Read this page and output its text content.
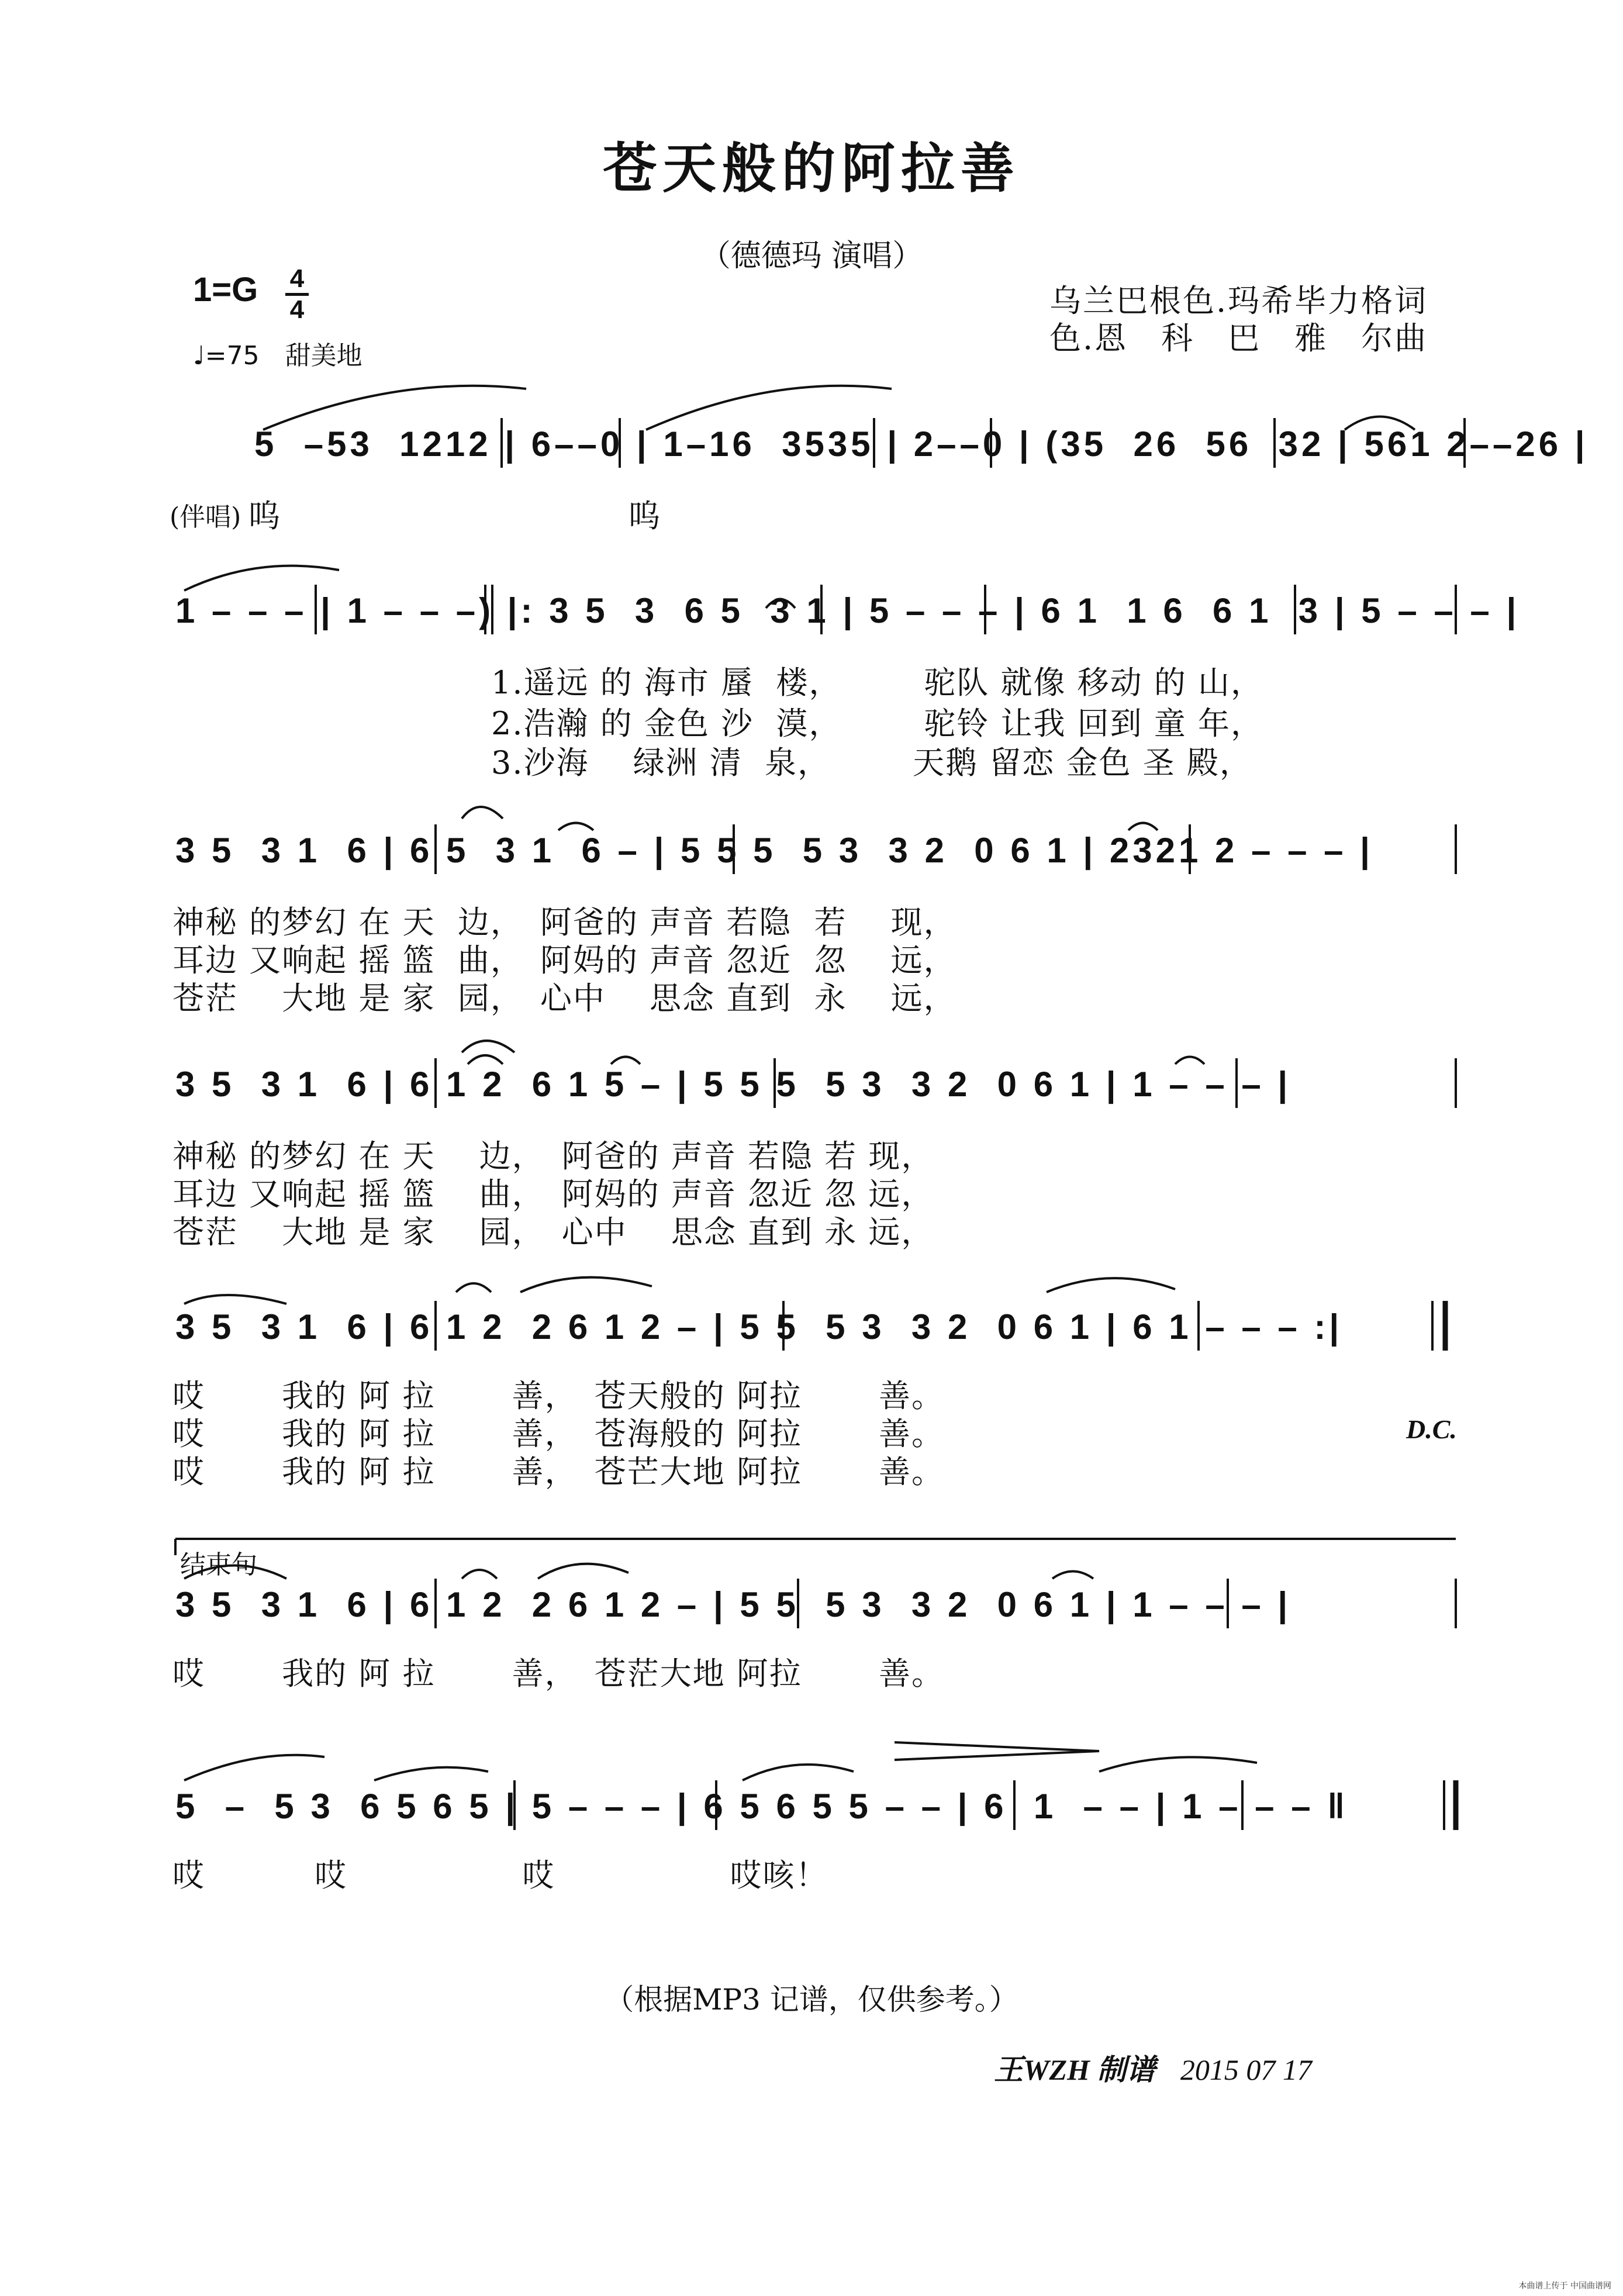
苍天般的阿拉善
（德德玛 演唱）
1=G 4
4
♩=75 甜美地
乌兰巴根色.玛希毕力格词
色.恩　科　巴　雅　尔曲
5  –53  1212 | 6––0 | 1–16  3535 | 2––0 | (35  26  56  32 | 561 2––26 |
(伴唱) 呜	呜
1 – – – | 1 – – –) |: 3 5  3  6 5  3 1 | 5 – – – | 6 1  1 6  6 1  3 | 5 – – – |
1.遥远 的 海市 蜃  楼，　　　驼队 就像 移动 的 山，
2.浩瀚 的 金色 沙  漠，　　　驼铃 让我 回到 童 年，
3.沙海　 绿洲 清  泉，　　　天鹅 留恋 金色 圣 殿，
3 5  3 1  6 | 6 5  3 1  6 – | 5 5 5  5 3  3 2  0 6 1 | 2321 2 – – – |
神秘 的梦幻 在 天  边，　阿爸的 声音 若隐  若　 现，
耳边 又响起 摇 篮  曲，　阿妈的 声音 忽近  忽　 远，
苍茫　 大地 是 家  园，　心中　 思念 直到  永　 远，
3 5  3 1  6 | 6 1 2  6 1 5 – | 5 5 5  5 3  3 2  0 6 1 | 1 – – – |
神秘 的梦幻 在 天　 边，　阿爸的 声音 若隐 若 现，
耳边 又响起 摇 篮　 曲，　阿妈的 声音 忽近 忽 远，
苍茫　 大地 是 家　 园，　心中　 思念 直到 永 远，
3 5  3 1  6 | 6 1 2  2 6 1 2 – | 5 5  5 3  3 2  0 6 1 | 6 1 – – – :|
哎　　 我的 阿 拉　　 善，　苍天般的 阿拉　　 善。
哎　　 我的 阿 拉　　 善，　苍海般的 阿拉　　 善。
哎　　 我的 阿 拉　　 善，　苍芒大地 阿拉　　 善。
D.C.
结束句
3 5  3 1  6 | 6 1 2  2 6 1 2 – | 5 5  5 3  3 2  0 6 1 | 1 – – – |
哎　　 我的 阿 拉　　 善，　苍茫大地 阿拉　　 善。
5  –  5 3  6 5 6 5 | 5 – – – | 6 5 6 5 5 – – | 6  1  – – | 1 – – – ‖
哎　　　 哎　　　　　 哎　　　　　 哎咳！
（根据MP3 记谱，仅供参考。）
王WZH 制谱 2015 07 17
本曲谱上传于 中国曲谱网
